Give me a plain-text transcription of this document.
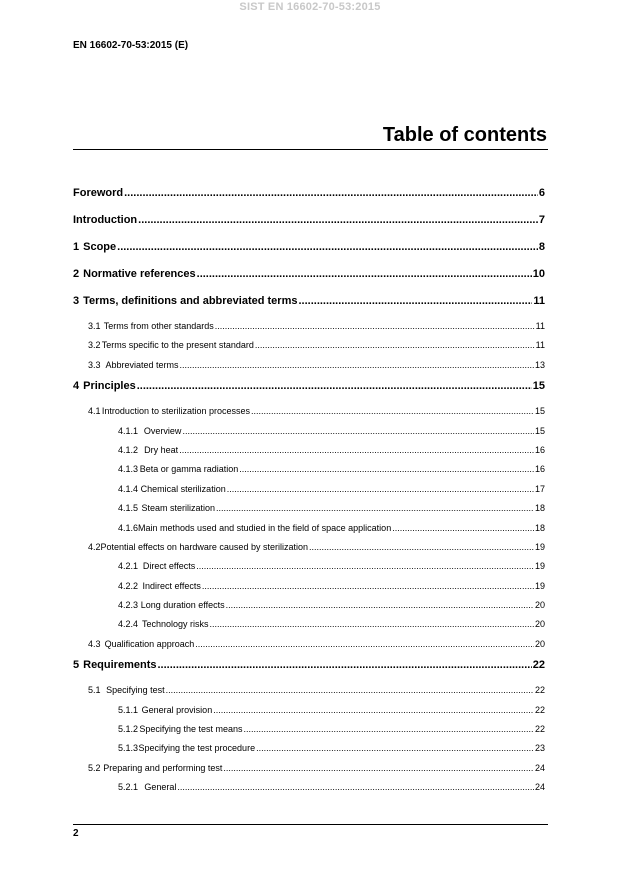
SIST EN 16602-70-53:2015
EN 16602-70-53:2015 (E)
Table of contents
Foreword .....	6
Introduction .....	7
1 Scope .....	8
2 Normative references .....	10
3 Terms, definitions and abbreviated terms .....	11
3.1 Terms from other standards .....	11
3.2 Terms specific to the present standard .....	11
3.3 Abbreviated terms .....	13
4 Principles .....	15
4.1 Introduction to sterilization processes .....	15
4.1.1 Overview .....	15
4.1.2 Dry heat .....	16
4.1.3 Beta or gamma radiation .....	16
4.1.4 Chemical sterilization .....	17
4.1.5 Steam sterilization .....	18
4.1.6 Main methods used and studied in the field of space application .....	18
4.2 Potential effects on hardware caused by sterilization .....	19
4.2.1 Direct effects .....	19
4.2.2 Indirect effects .....	19
4.2.3 Long duration effects .....	20
4.2.4 Technology risks .....	20
4.3 Qualification approach .....	20
5 Requirements .....	22
5.1 Specifying test .....	22
5.1.1 General provision .....	22
5.1.2 Specifying the test means .....	22
5.1.3 Specifying the test procedure .....	23
5.2 Preparing and performing test .....	24
5.2.1 General .....	24
2
